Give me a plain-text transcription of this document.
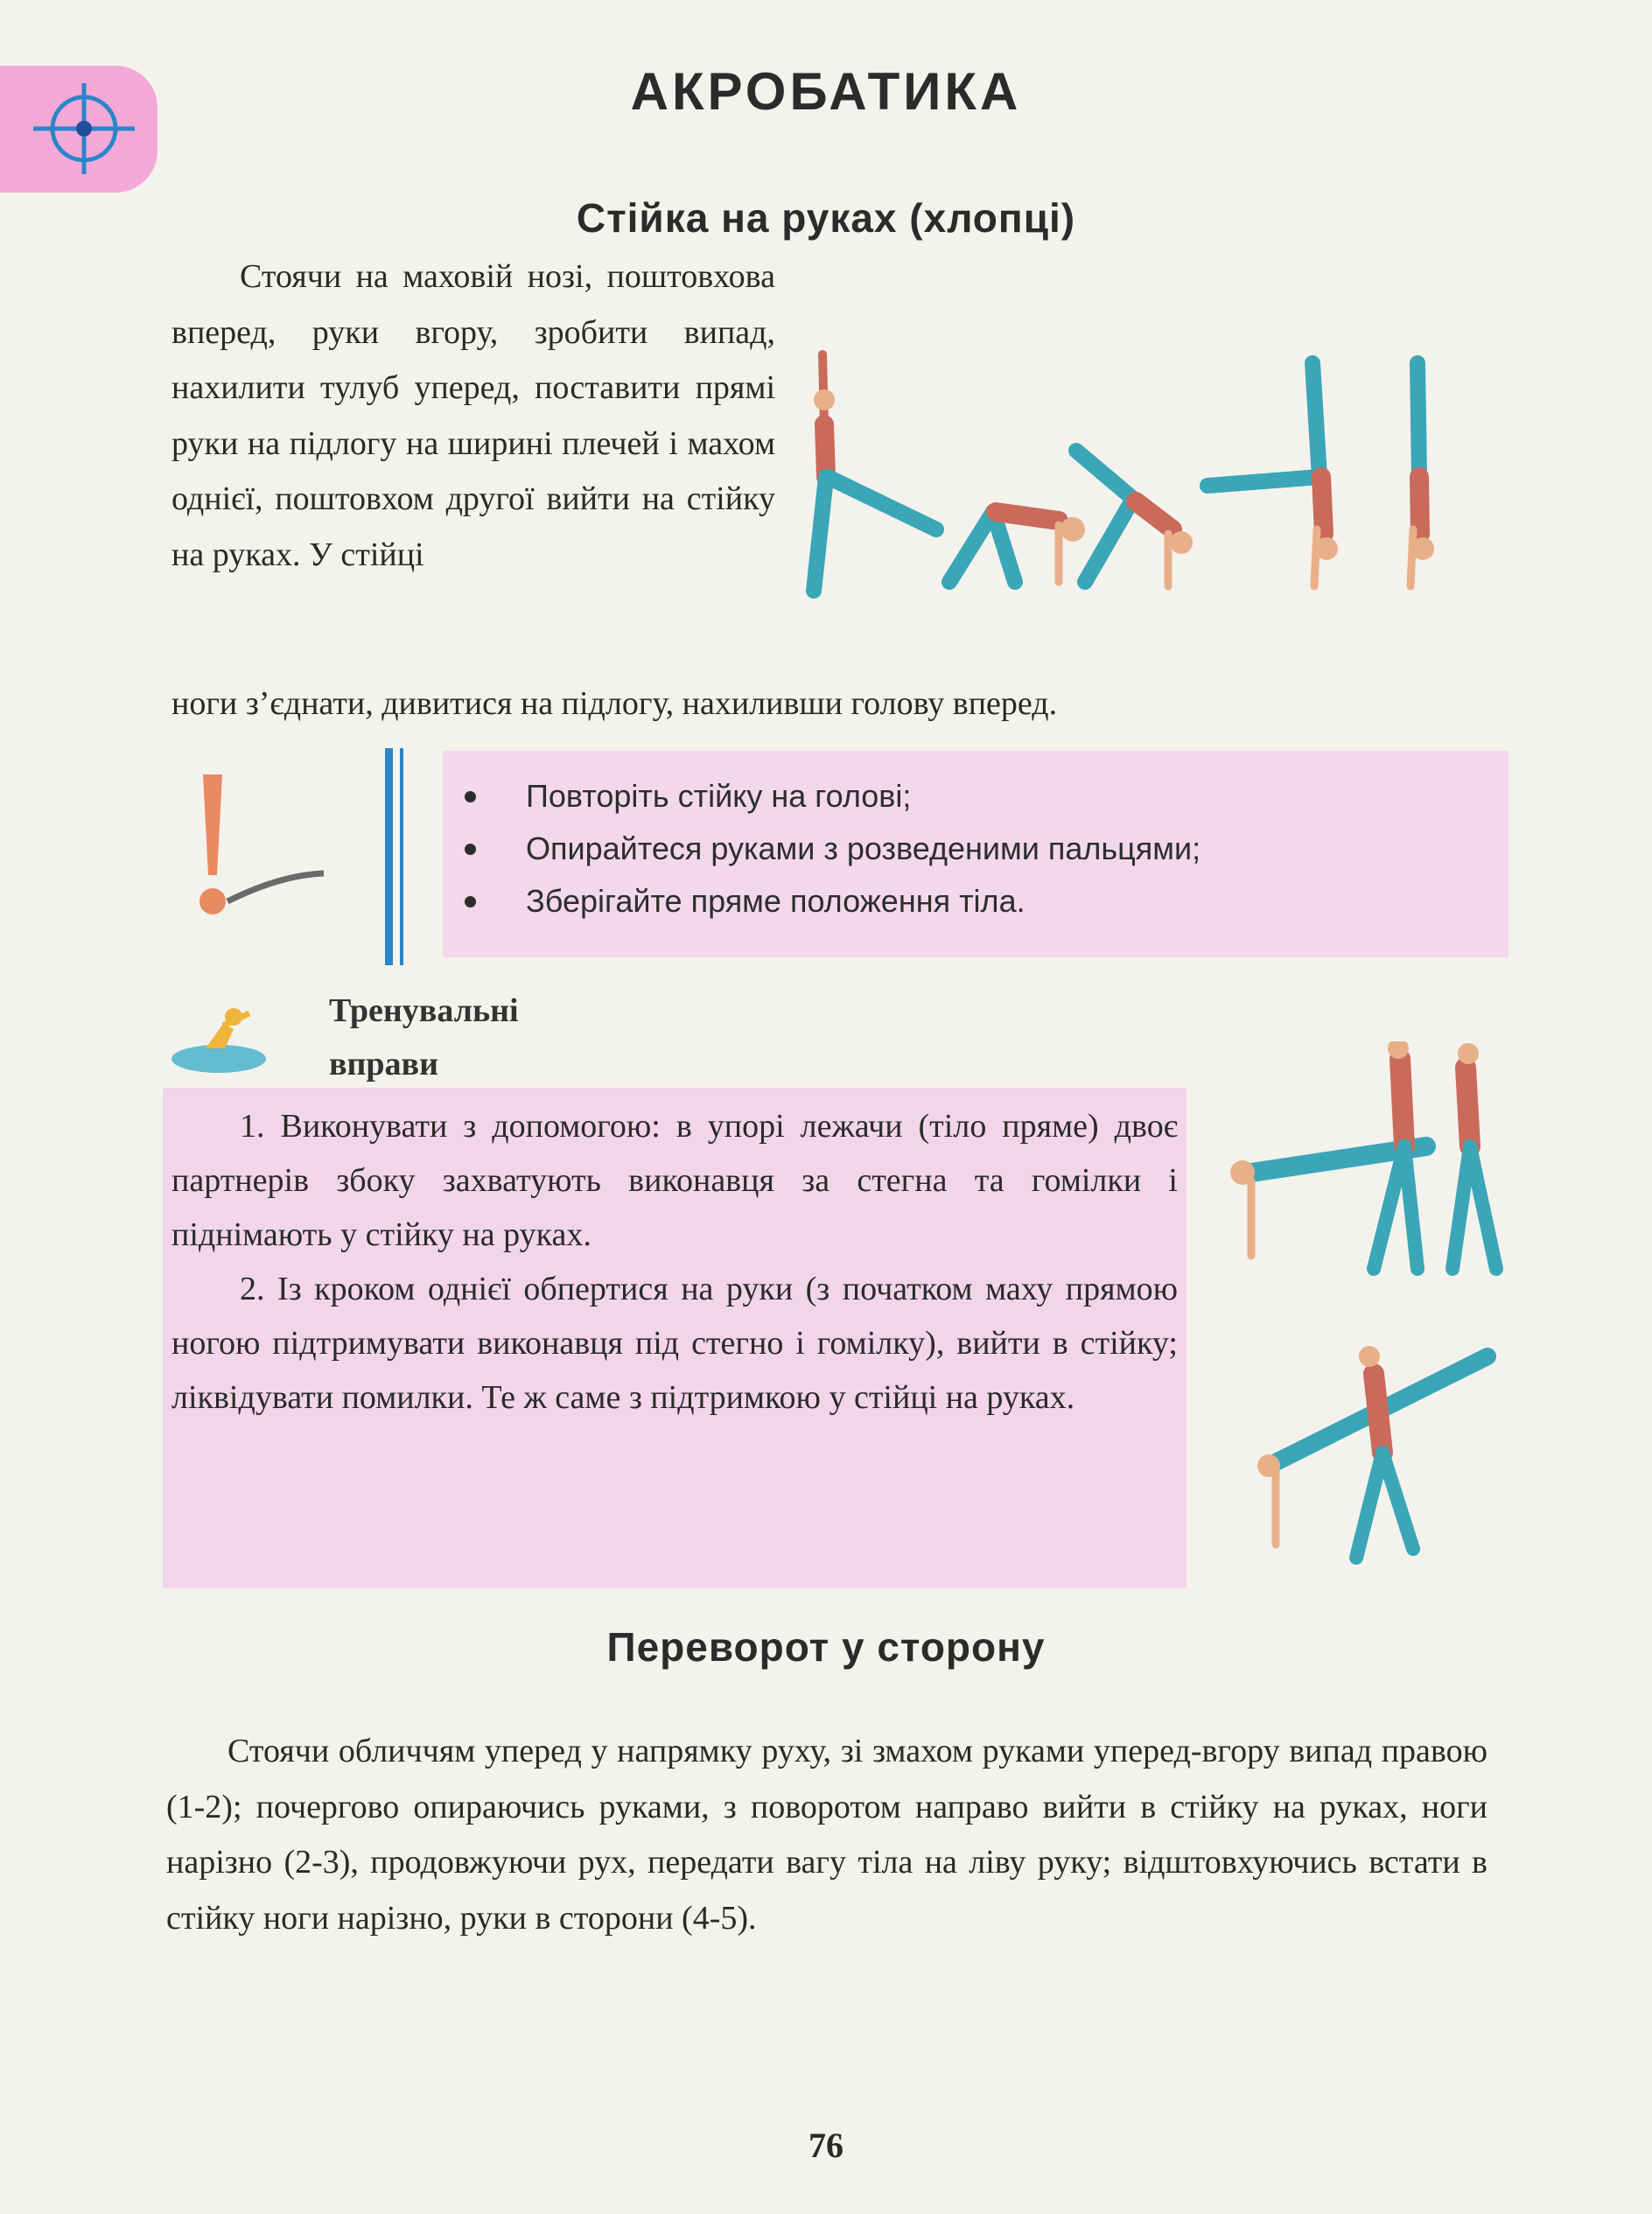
АКРОБАТИКА
Стійка на руках (хлопці)
Стоячи на маховій нозі, поштовхова вперед, руки вгору, зробити випад, нахилити тулуб уперед, поставити прямі руки на підлогу на ширині плечей і махом однієї, поштовхом другої вийти на стійку на руках. У стійці
ноги з’єднати, дивитися на підлогу, нахиливши голову вперед.
Повторіть стійку на голові;
Опирайтеся руками з розведеними пальцями;
Зберігайте пряме положення тіла.
Тренувальні
вправи

1. Виконувати з допомогою: в упорі лежачи (тіло пряме) двоє партнерів збоку захватують виконавця за стегна та гомілки і піднімають у стійку на руках.

2. Із кроком однієї обпертися на руки (з початком маху прямою ногою підтримувати виконавця під стегно і гомілку), вийти в стійку; ліквідувати помилки. Те ж саме з підтримкою у стійці на руках.

Переворот у сторону
Стоячи обличчям уперед у напрямку руху, зі змахом руками уперед-вгору випад правою (1-2); почергово опираючись руками, з поворотом направо вийти в стійку на руках, ноги нарізно (2-3), продовжуючи рух, передати вагу тіла на ліву руку; відштовхуючись встати в стійку ноги нарізно, руки в сторони (4-5).
76
